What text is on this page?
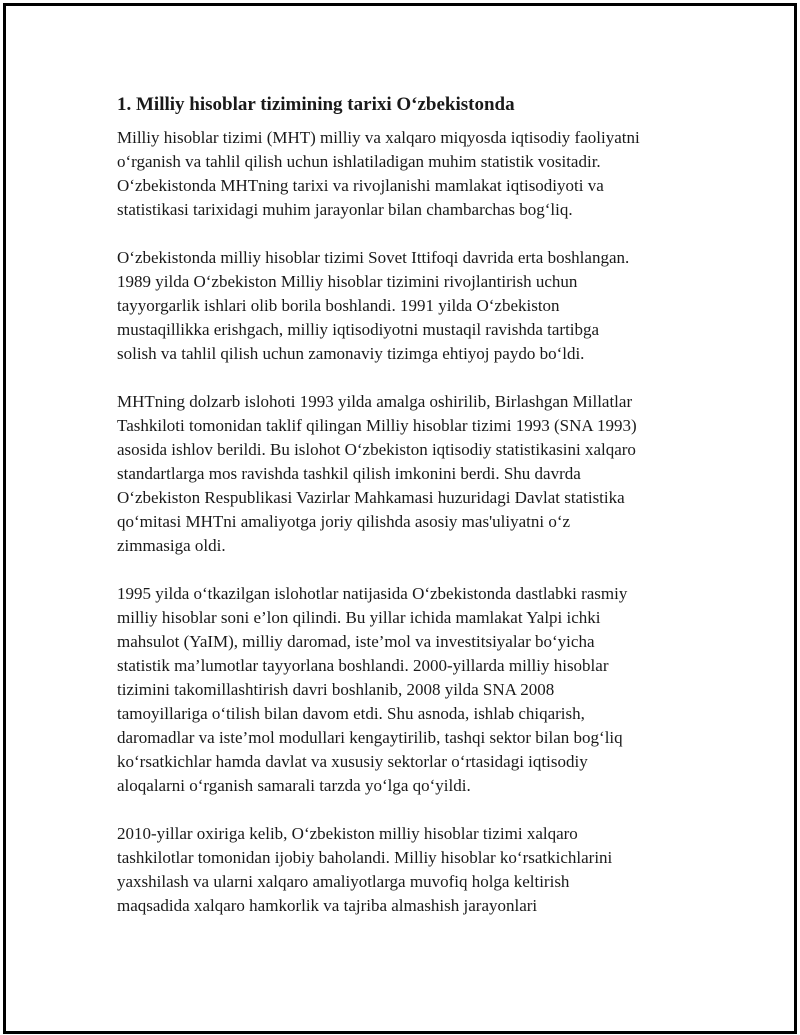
1. Milliy hisoblar tizimining tarixi O‘zbekistonda
Milliy hisoblar tizimi (MHT) milliy va xalqaro miqyosda iqtisodiy faoliyatni
o‘rganish va tahlil qilish uchun ishlatiladigan muhim statistik vositadir.
O‘zbekistonda MHTning tarixi va rivojlanishi mamlakat iqtisodiyoti va
statistikasi tarixidagi muhim jarayonlar bilan chambarchas bog‘liq.
O‘zbekistonda milliy hisoblar tizimi Sovet Ittifoqi davrida erta boshlangan.
1989 yilda O‘zbekiston Milliy hisoblar tizimini rivojlantirish uchun
tayyorgarlik ishlari olib borila boshlandi. 1991 yilda O‘zbekiston
mustaqillikka erishgach, milliy iqtisodiyotni mustaqil ravishda tartibga
solish va tahlil qilish uchun zamonaviy tizimga ehtiyoj paydo bo‘ldi.
MHTning dolzarb islohoti 1993 yilda amalga oshirilib, Birlashgan Millatlar
Tashkiloti tomonidan taklif qilingan Milliy hisoblar tizimi 1993 (SNA 1993)
asosida ishlov berildi. Bu islohot O‘zbekiston iqtisodiy statistikasini xalqaro
standartlarga mos ravishda tashkil qilish imkonini berdi. Shu davrda
O‘zbekiston Respublikasi Vazirlar Mahkamasi huzuridagi Davlat statistika
qo‘mitasi MHTni amaliyotga joriy qilishda asosiy mas'uliyatni o‘z
zimmasiga oldi.
1995 yilda o‘tkazilgan islohotlar natijasida O‘zbekistonda dastlabki rasmiy
milliy hisoblar soni e’lon qilindi. Bu yillar ichida mamlakat Yalpi ichki
mahsulot (YaIM), milliy daromad, iste’mol va investitsiyalar bo‘yicha
statistik ma’lumotlar tayyorlana boshlandi. 2000-yillarda milliy hisoblar
tizimini takomillashtirish davri boshlanib, 2008 yilda SNA 2008
tamoyillariga o‘tilish bilan davom etdi. Shu asnoda, ishlab chiqarish,
daromadlar va iste’mol modullari kengaytirilib, tashqi sektor bilan bog‘liq
ko‘rsatkichlar hamda davlat va xususiy sektorlar o‘rtasidagi iqtisodiy
aloqalarni o‘rganish samarali tarzda yo‘lga qo‘yildi.
2010-yillar oxiriga kelib, O‘zbekiston milliy hisoblar tizimi xalqaro
tashkilotlar tomonidan ijobiy baholandi. Milliy hisoblar ko‘rsatkichlarini
yaxshilash va ularni xalqaro amaliyotlarga muvofiq holga keltirish
maqsadida xalqaro hamkorlik va tajriba almashish jarayonlari
